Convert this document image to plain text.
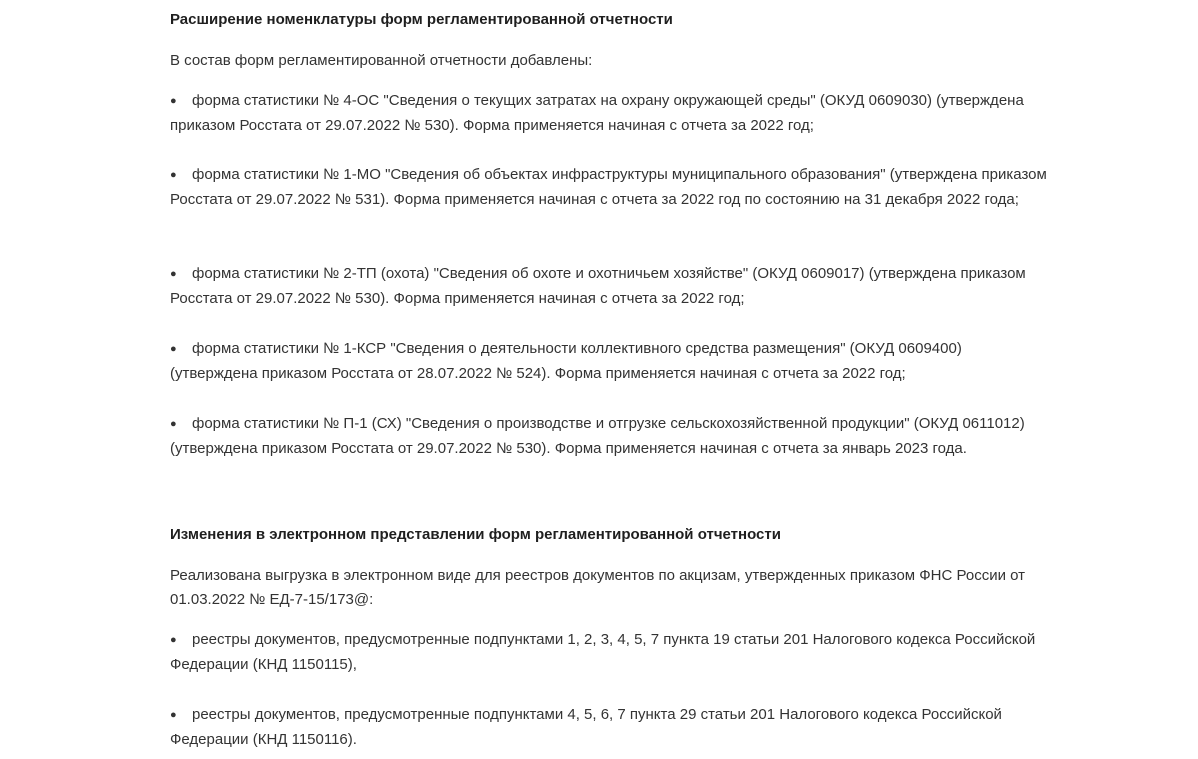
Расширение номенклатуры форм регламентированной отчетности
В состав форм регламентированной отчетности добавлены:
● форма статистики № 4-ОС "Сведения о текущих затратах на охрану окружающей среды" (ОКУД 0609030) (утверждена приказом Росстата от 29.07.2022 № 530). Форма применяется начиная с отчета за 2022 год;
● форма статистики № 1-МО "Сведения об объектах инфраструктуры муниципального образования" (утверждена приказом Росстата от 29.07.2022 № 531). Форма применяется начиная с отчета за 2022 год по состоянию на 31 декабря 2022 года;
● форма статистики № 2-ТП (охота) "Сведения об охоте и охотничьем хозяйстве" (ОКУД 0609017) (утверждена приказом Росстата от 29.07.2022 № 530). Форма применяется начиная с отчета за 2022 год;
● форма статистики № 1-КСР "Сведения о деятельности коллективного средства размещения" (ОКУД 0609400) (утверждена приказом Росстата от 28.07.2022 № 524). Форма применяется начиная с отчета за 2022 год;
● форма статистики № П-1 (СХ) "Сведения о производстве и отгрузке сельскохозяйственной продукции" (ОКУД 0611012) (утверждена приказом Росстата от 29.07.2022 № 530). Форма применяется начиная с отчета за январь 2023 года.
Изменения в электронном представлении форм регламентированной отчетности
Реализована выгрузка в электронном виде для реестров документов по акцизам, утвержденных приказом ФНС России от 01.03.2022 № ЕД-7-15/173@:
● реестры документов, предусмотренные подпунктами 1, 2, 3, 4, 5, 7 пункта 19 статьи 201 Налогового кодекса Российской Федерации (КНД 1150115),
● реестры документов, предусмотренные подпунктами 4, 5, 6, 7 пункта 29 статьи 201 Налогового кодекса Российской Федерации (КНД 1150116).
